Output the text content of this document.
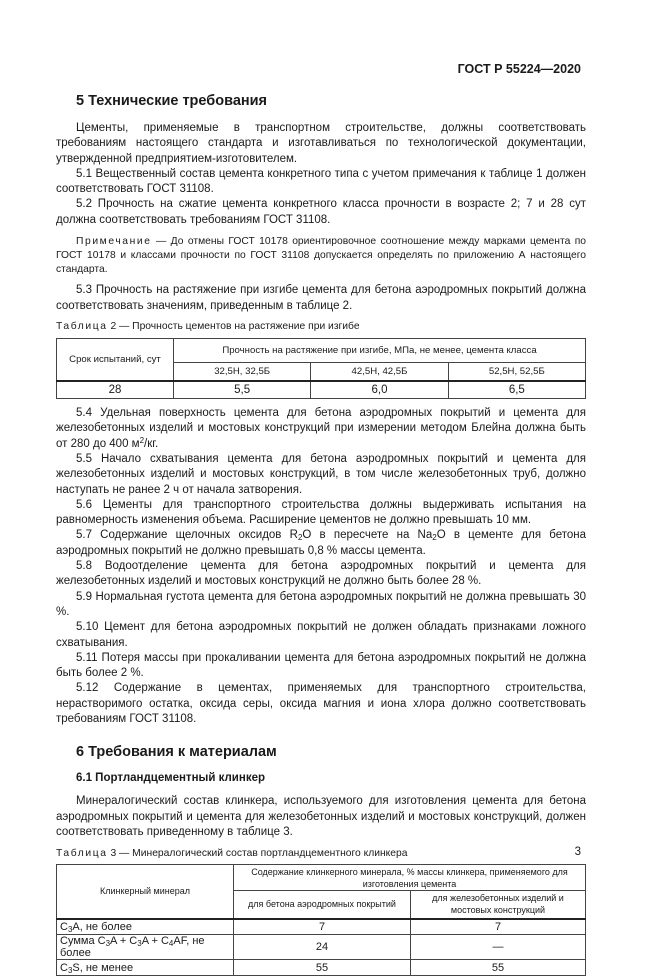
ГОСТ Р 55224—2020
5 Технические требования

Цементы, применяемые в транспортном строительстве, должны соответствовать требованиям настоящего стандарта и изготавливаться по технологической документации, утвержденной предприятием-изготовителем.

5.1 Вещественный состав цемента конкретного типа с учетом примечания к таблице 1 должен соответствовать ГОСТ 31108.

5.2 Прочность на сжатие цемента конкретного класса прочности в возрасте 2; 7 и 28 сут должна соответствовать требованиям ГОСТ 31108.

Примечание — До отмены ГОСТ 10178 ориентировочное соотношение между марками цемента по ГОСТ 10178 и классами прочности по ГОСТ 31108 допускается определять по приложению А настоящего стандарта.

5.3 Прочность на растяжение при изгибе цемента для бетона аэродромных покрытий должна соответствовать значениям, приведенным в таблице 2.

Таблица 2 — Прочность цементов на растяжение при изгибе

Срок испытаний, сут	Прочность на растяжение при изгибе, МПа, не менее, цемента класса		
	32,5Н, 32,5Б	42,5Н, 42,5Б	52,5Н, 52,5Б
28	5,5	6,0	6,5

5.4 Удельная поверхность цемента для бетона аэродромных покрытий и цемента для железобетонных изделий и мостовых конструкций при измерении методом Блейна должна быть от 280 до 400 $м^2/кг$.

5.5 Начало схватывания цемента для бетона аэродромных покрытий и цемента для железобетонных изделий и мостовых конструкций, в том числе железобетонных труб, должно наступать не ранее 2 ч от начала затворения.

5.6 Цементы для транспортного строительства должны выдерживать испытания на равномерность изменения объема. Расширение цементов не должно превышать 10 мм.

5.7 Содержание щелочных оксидов $R_2O$ в пересчете на $Na_2O$ в цементе для бетона аэродромных покрытий не должно превышать 0,8 % массы цемента.

5.8 Водоотделение цемента для бетона аэродромных покрытий и цемента для железобетонных изделий и мостовых конструкций не должно быть более 28 %.

5.9 Нормальная густота цемента для бетона аэродромных покрытий не должна превышать 30 %.

5.10 Цемент для бетона аэродромных покрытий не должен обладать признаками ложного схватывания.

5.11 Потеря массы при прокаливании цемента для бетона аэродромных покрытий не должна быть более 2 %.

5.12 Содержание в цементах, применяемых для транспортного строительства, нерастворимого остатка, оксида серы, оксида магния и иона хлора должно соответствовать требованиям ГОСТ 31108.

6 Требования к материалам
6.1 Портландцементный клинкер

Минералогический состав клинкера, используемого для изготовления цемента для бетона аэродромных покрытий и цемента для железобетонных изделий и мостовых конструкций, должен соответствовать приведенному в таблице 3.

Таблица 3 — Минералогический состав портландцементного клинкера

Клинкерный минерал	Содержание клинкерного минерала, % массы клинкера, применяемого для изготовления цемента	
	для бетона аэродромных покрытий	для железобетонных изделий и мостовых конструкций
$C_3A$, не более	7	7
Сумма $C_3A + C_3A + C_4AF$, не более	24	—
$C_3S$, не менее	55	55
3
